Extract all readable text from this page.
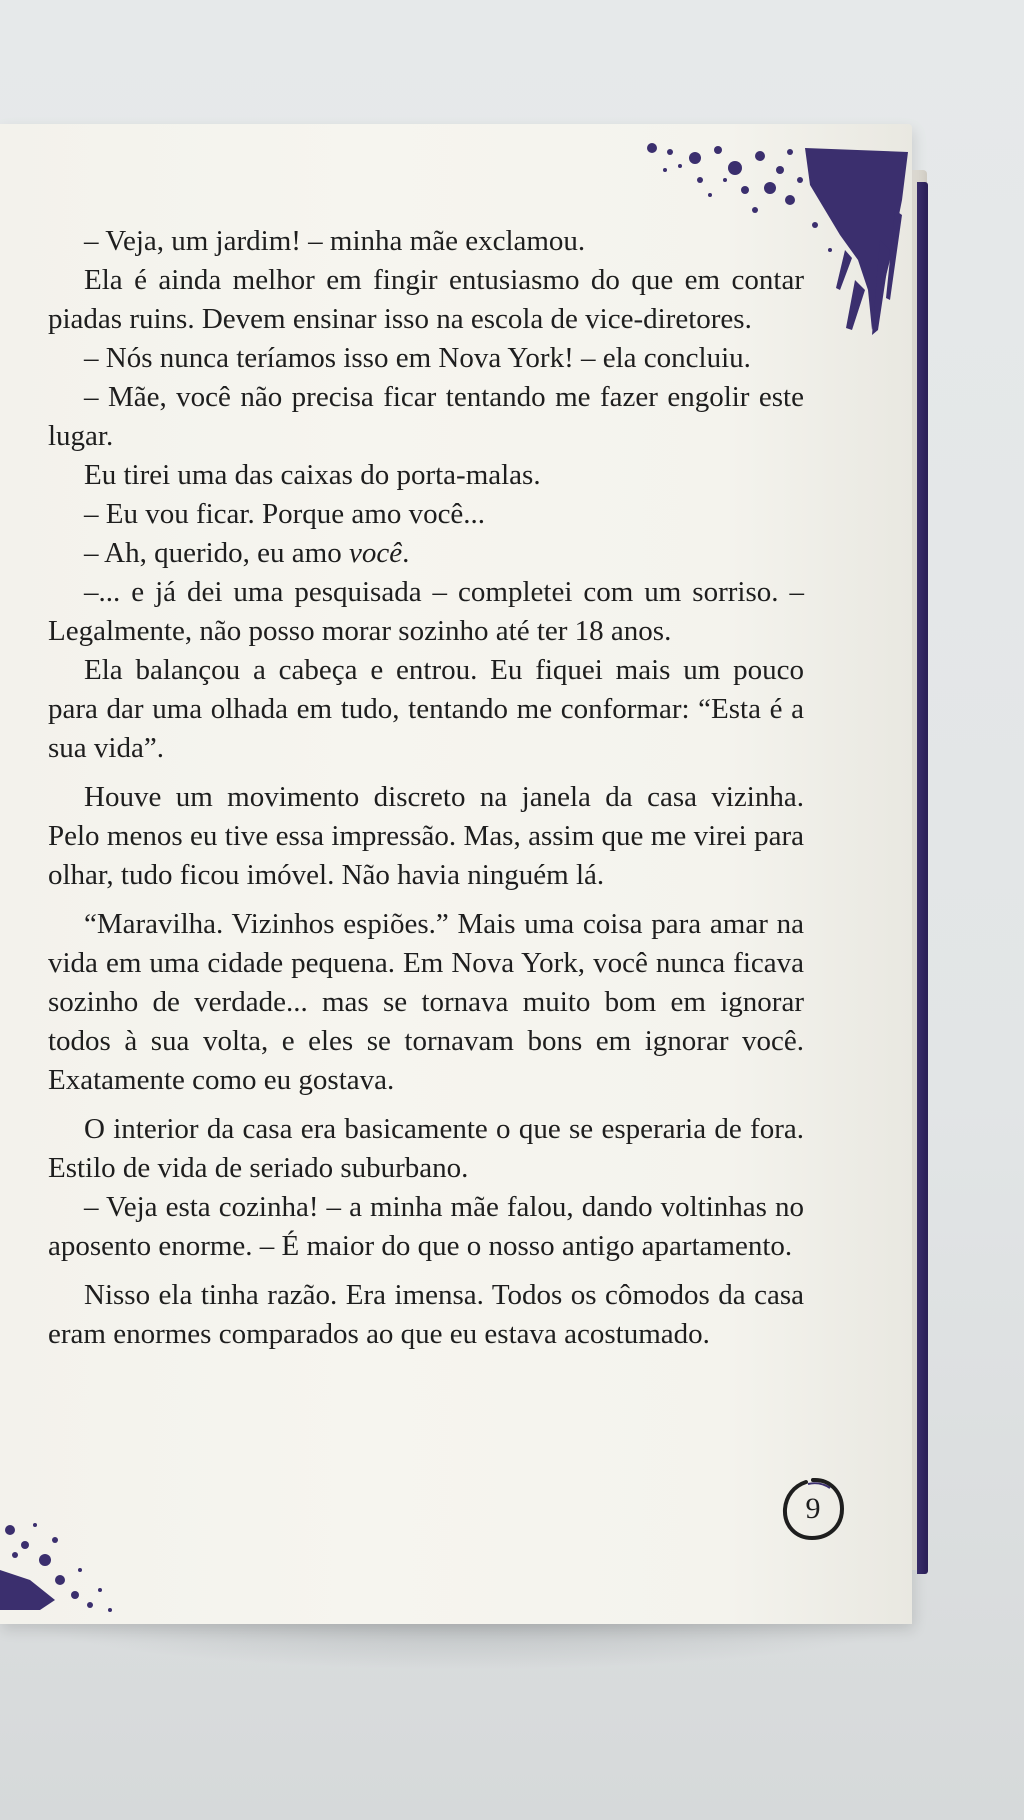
– Veja, um jardim! – minha mãe exclamou.

Ela é ainda melhor em fingir entusiasmo do que em contar piadas ruins. Devem ensinar isso na escola de vice-diretores.

– Nós nunca teríamos isso em Nova York! – ela concluiu.

– Mãe, você não precisa ficar tentando me fazer engolir este lugar.

Eu tirei uma das caixas do porta-malas.

– Eu vou ficar. Porque amo você...

– Ah, querido, eu amo você.

–... e já dei uma pesquisada – completei com um sorriso. – Legalmente, não posso morar sozinho até ter 18 anos.

Ela balançou a cabeça e entrou. Eu fiquei mais um pouco para dar uma olhada em tudo, tentando me conformar: “Esta é a sua vida”.

Houve um movimento discreto na janela da casa vizinha. Pelo menos eu tive essa impressão. Mas, assim que me virei para olhar, tudo ficou imóvel. Não havia ninguém lá.

“Maravilha. Vizinhos espiões.” Mais uma coisa para amar na vida em uma cidade pequena. Em Nova York, você nunca ficava sozinho de verdade... mas se tornava muito bom em ignorar todos à sua volta, e eles se tornavam bons em ignorar você. Exatamente como eu gostava.

O interior da casa era basicamente o que se esperaria de fora. Estilo de vida de seriado suburbano.

– Veja esta cozinha! – a minha mãe falou, dando voltinhas no aposento enorme. – É maior do que o nosso antigo apartamento.

Nisso ela tinha razão. Era imensa. Todos os cômodos da casa eram enormes comparados ao que eu estava acostumado.

9
